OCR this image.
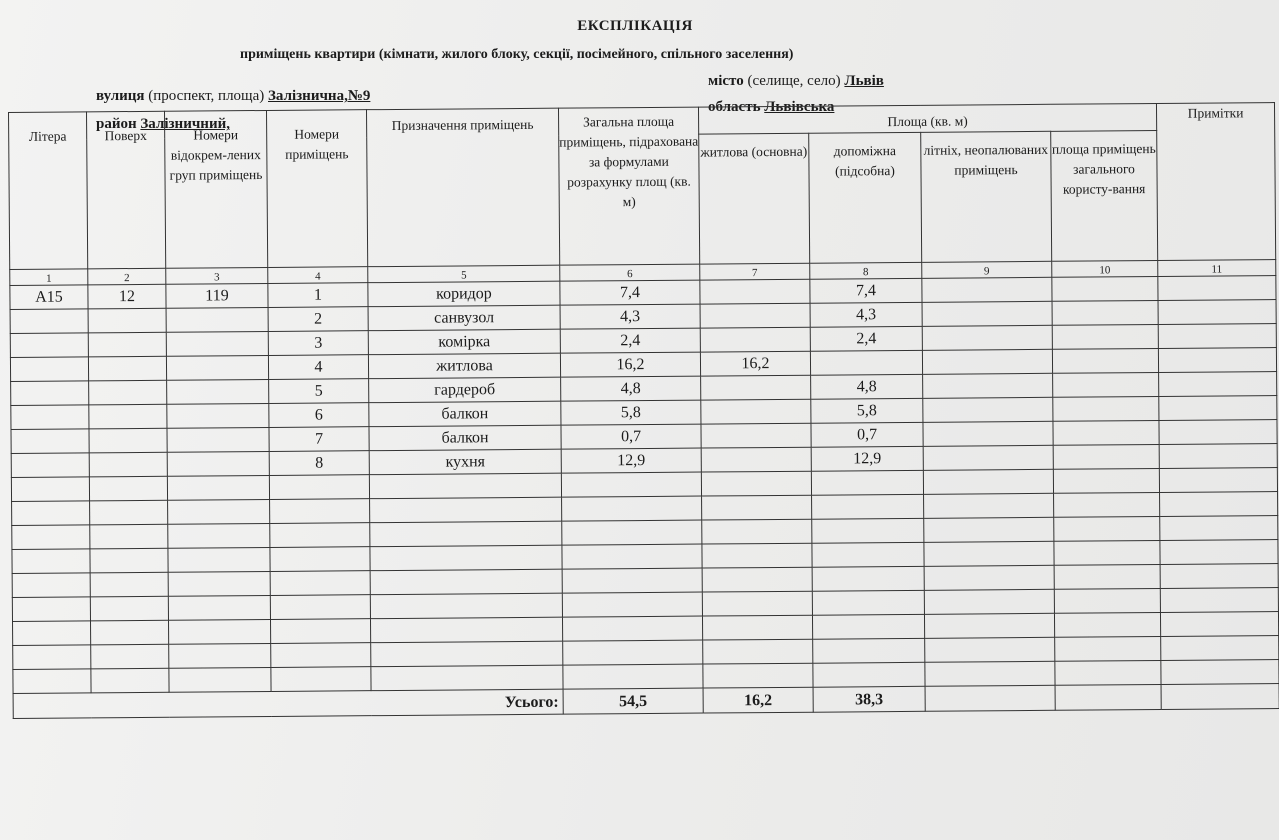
ЕКСПЛІКАЦІЯ
приміщень квартири (кімнати, жилого блоку, секції, посімейного, спільного заселення)
вулиця (проспект, площа) Залізнична,№9
район Залізничний,
місто (селище, село) Львів
область Львівська
Літера	Поверх	Номери відокрем-лених груп приміщень	Номери приміщень	Призначення приміщень	Загальна площа приміщень, підрахована за формулами розрахунку площ (кв. м)	Площа (кв. м)				Примітки
						житлова (основна)	допоміжна (підсобна)	літніх, неопалюваних приміщень	площа приміщень загального користу-вання	
1	2	3	4	5	6	7	8	9	10	11
А15	12	119	1	коридор	7,4		7,4			
			2	санвузол	4,3		4,3			
			3	комірка	2,4		2,4			
			4	житлова	16,2	16,2				
			5	гардероб	4,8		4,8			
			6	балкон	5,8		5,8			
			7	балкон	0,7		0,7			
			8	кухня	12,9		12,9			

Усього:					54,5	16,2	38,3			
